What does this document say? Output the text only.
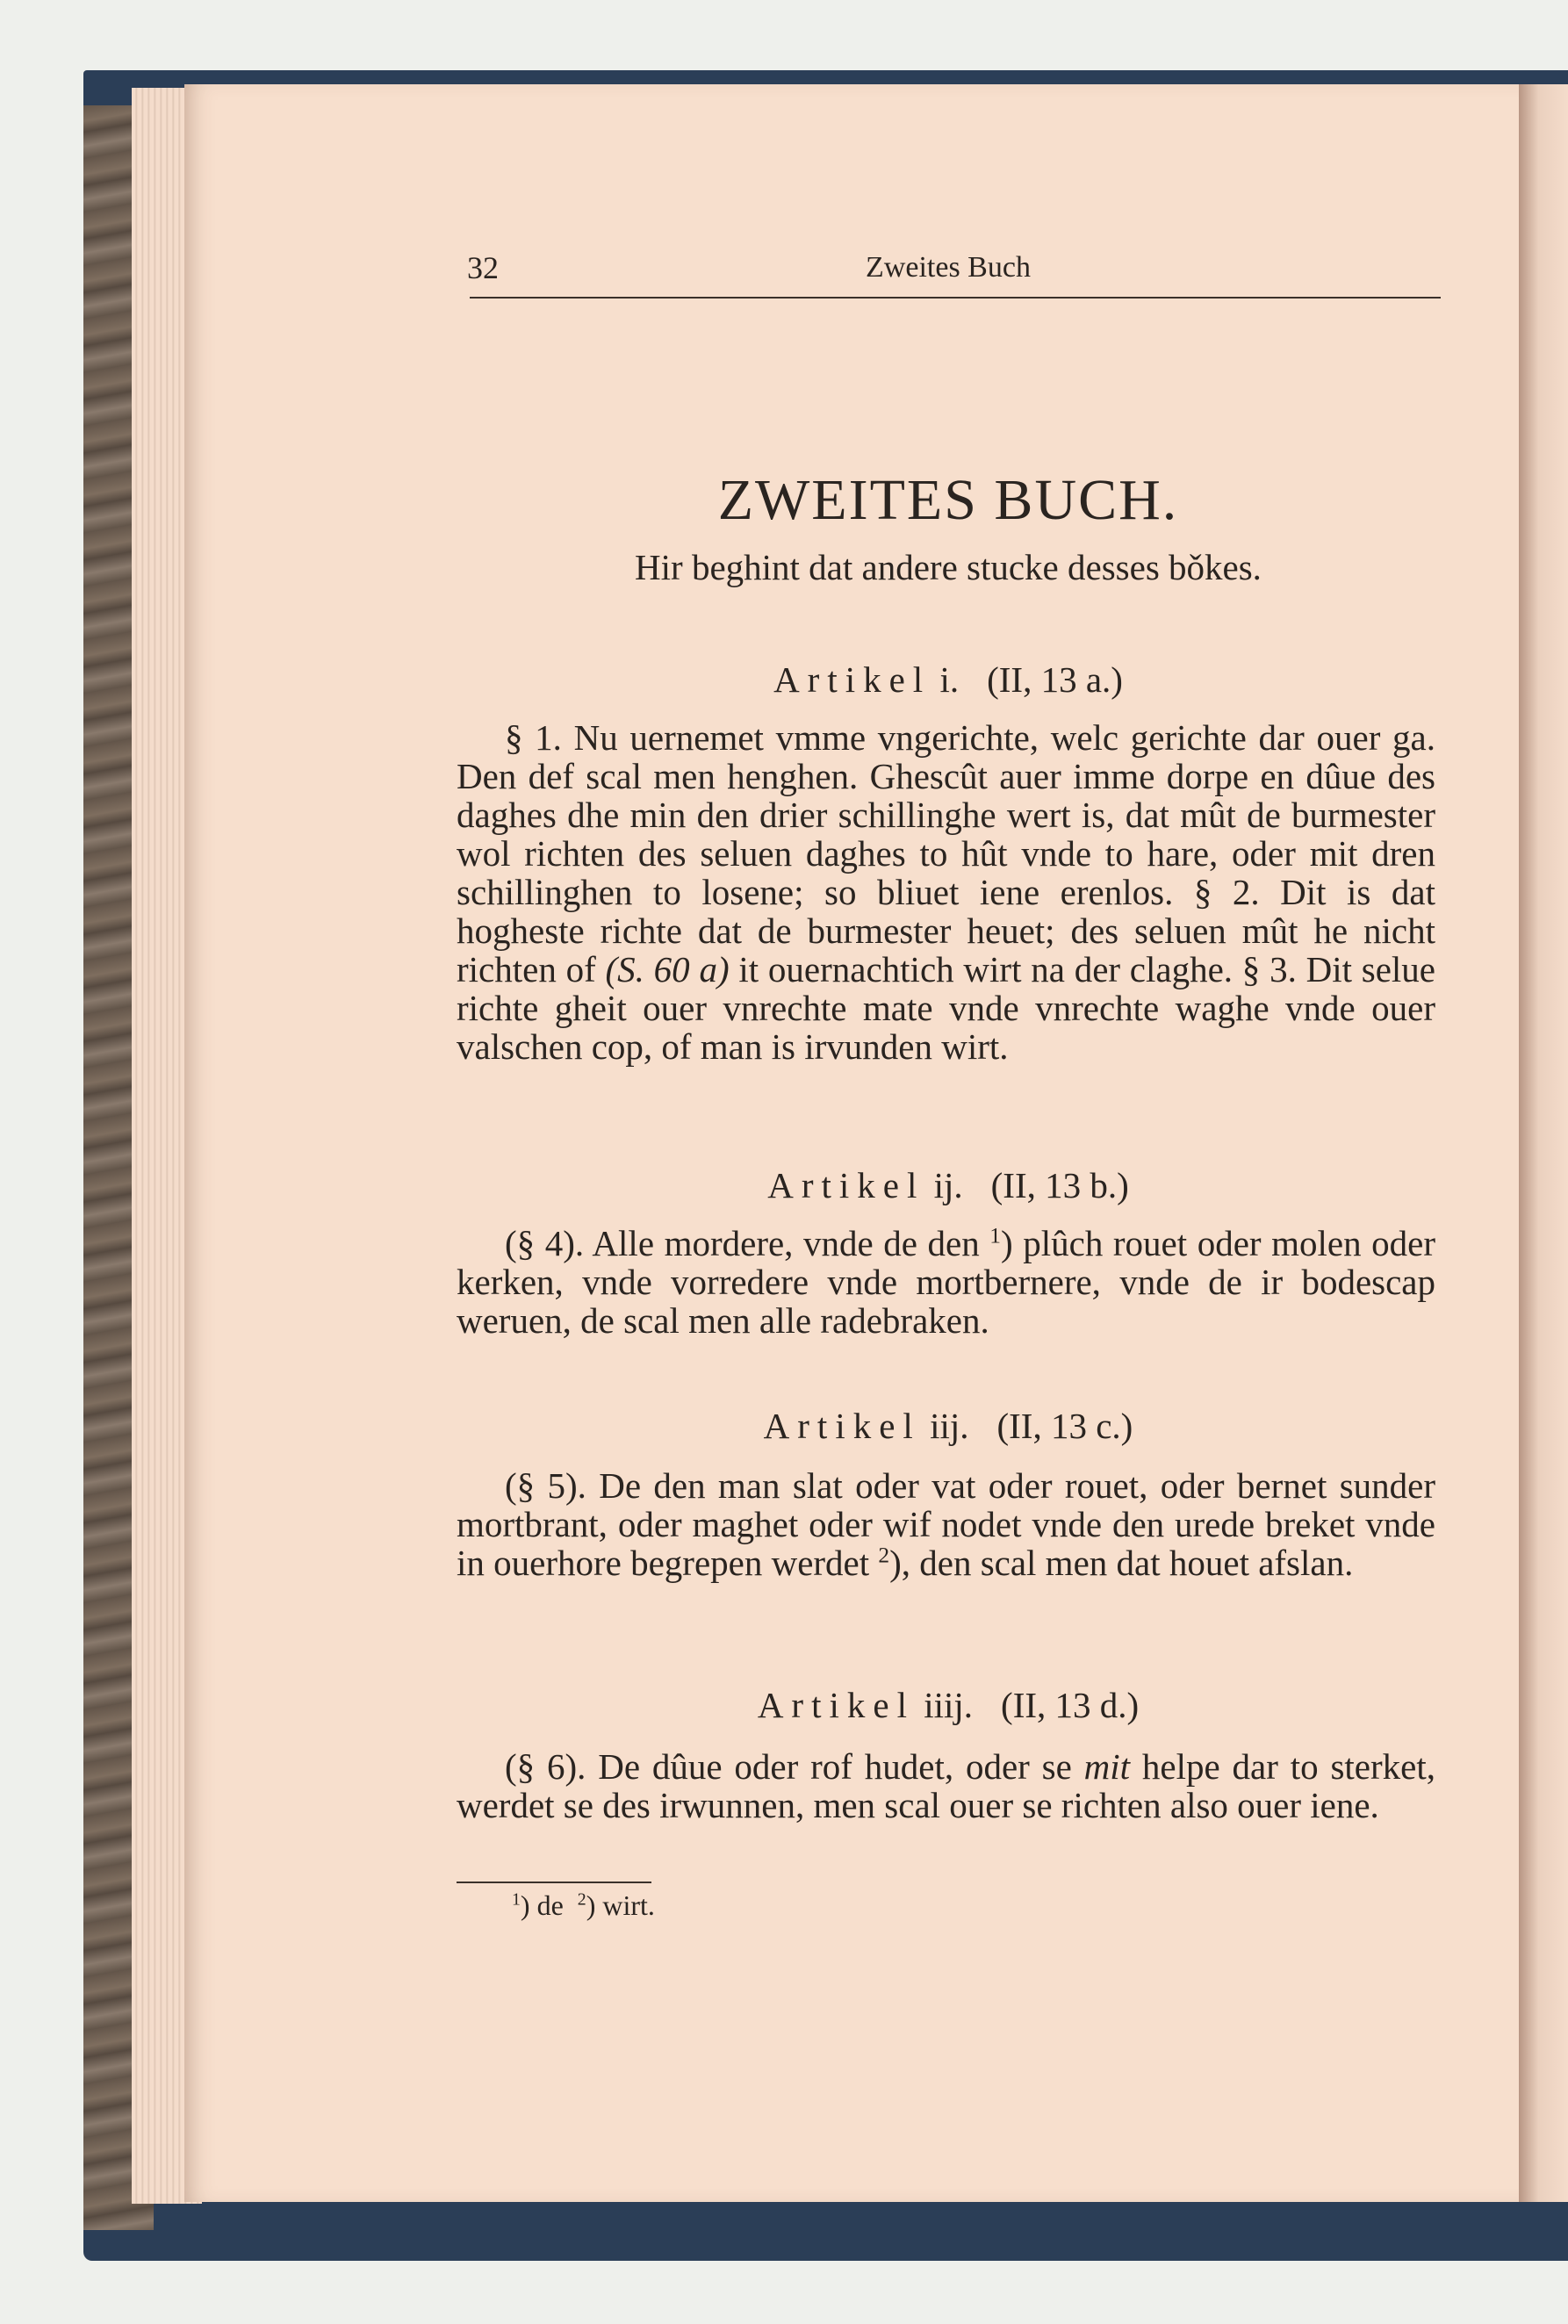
32	Zweites Buch
ZWEITES BUCH.
Hir beghint dat andere stucke desses bǒkes.
Artikel i. (II, 13 a.)

§ 1. Nu uernemet vmme vngerichte, welc gerichte dar ouer ga. Den def scal men henghen. Ghescût auer imme dorpe en dûue des daghes dhe min den drier schillinghe wert is, dat mût de burmester wol richten des seluen daghes to hût vnde to hare, oder mit dren schillinghen to losene; so bliuet iene erenlos. § 2. Dit is dat hogheste richte dat de burmester heuet; des seluen mût he nicht richten of (S. 60 a) it ouernachtich wirt na der claghe. § 3. Dit selue richte gheit ouer vnrechte mate vnde vnrechte waghe vnde ouer valschen cop, of man is irvunden wirt.

Artikel ij. (II, 13 b.)

(§ 4). Alle mordere, vnde de den $^1$) plûch rouet oder molen oder kerken, vnde vorredere vnde mortbernere, vnde de ir bodescap weruen, de scal men alle radebraken.

Artikel iij. (II, 13 c.)

(§ 5). De den man slat oder vat oder rouet, oder bernet sunder mortbrant, oder maghet oder wif nodet vnde den urede breket vnde in ouerhore begrepen werdet $^2$), den scal men dat houet afslan.

Artikel iiij. (II, 13 d.)

(§ 6). De dûue oder rof hudet, oder se mit helpe dar to sterket, werdet se des irwunnen, men scal ouer se richten also ouer iene.

$^1$) de $^2$) wirt.
